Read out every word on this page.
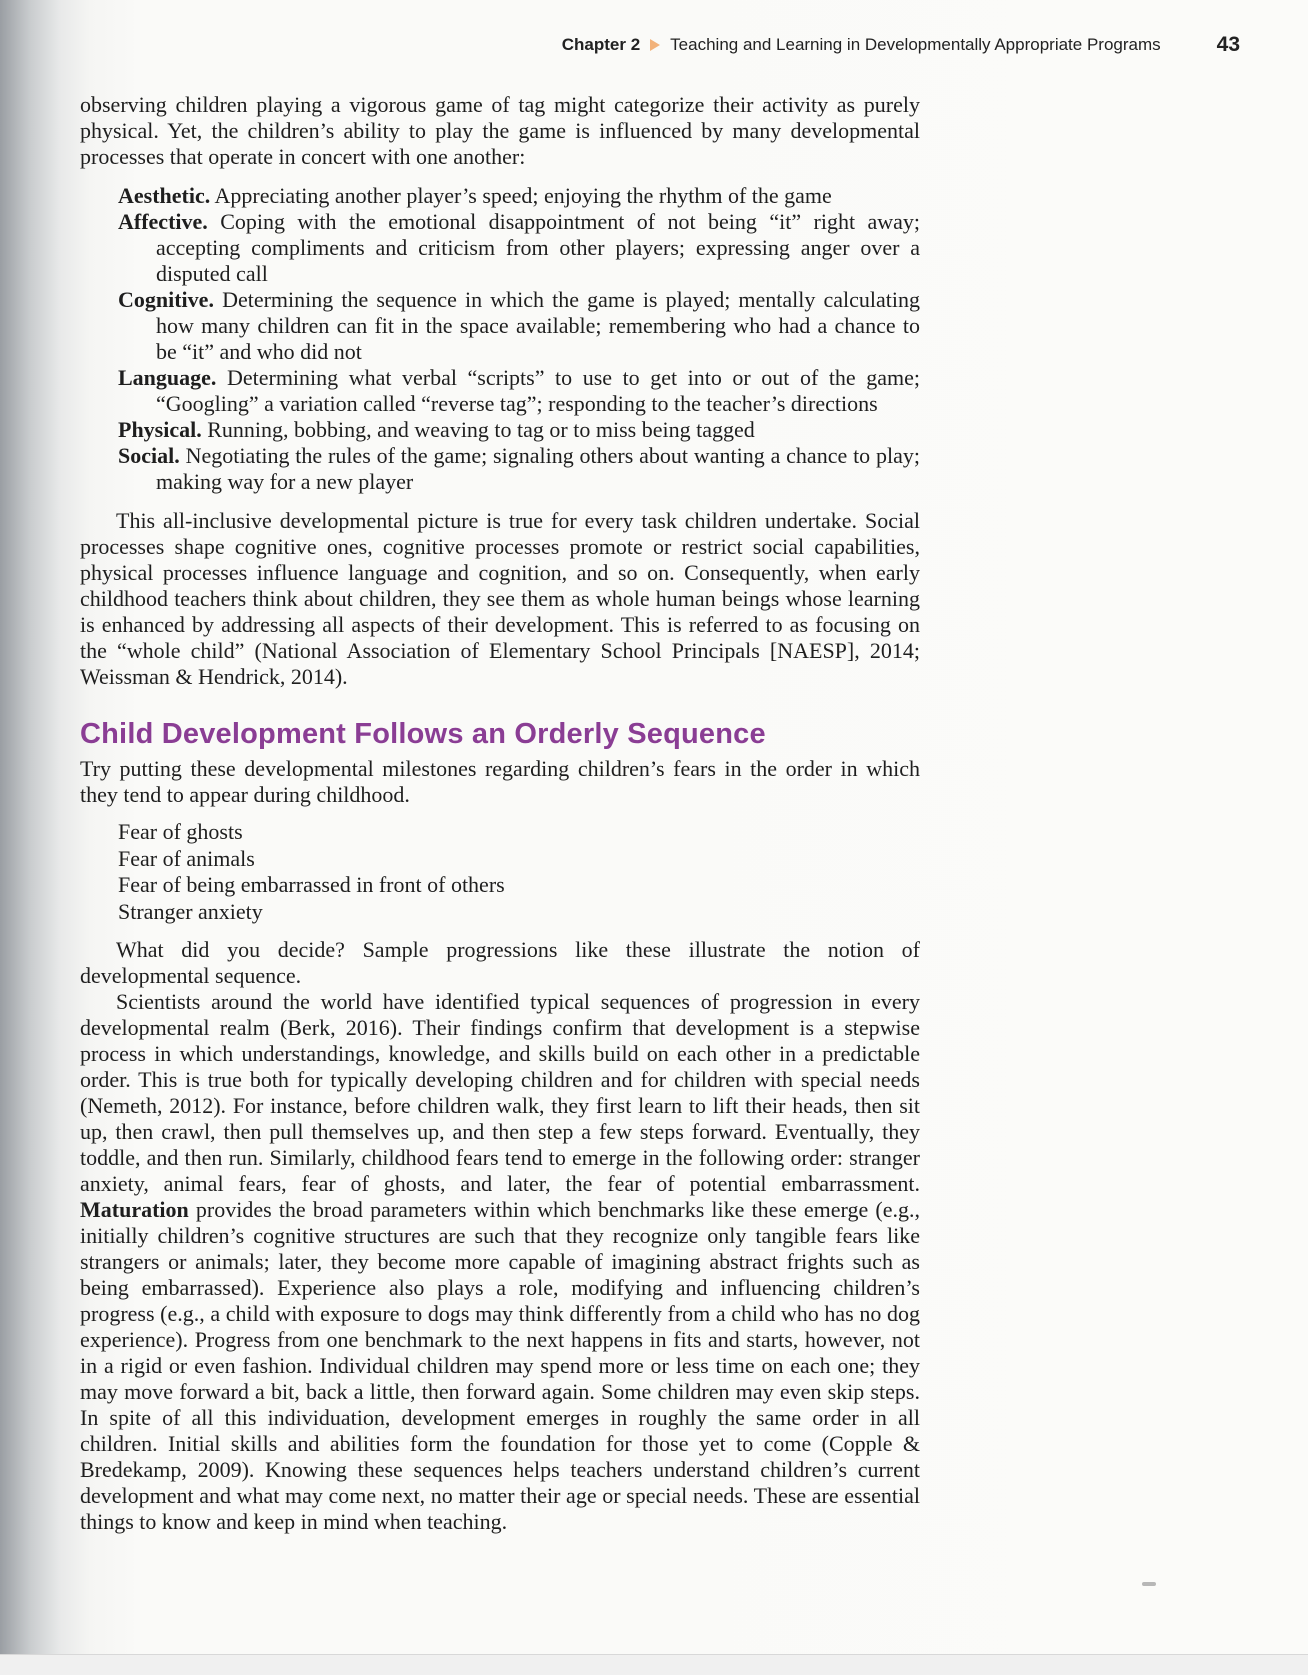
Chapter 2 Teaching and Learning in Developmentally Appropriate Programs	43

observing children playing a vigorous game of tag might categorize their activity as purely physical. Yet, the children’s ability to play the game is influenced by many developmental processes that operate in concert with one another:

Aesthetic. Appreciating another player’s speed; enjoying the rhythm of the game
Affective. Coping with the emotional disappointment of not being “it” right away; accepting compliments and criticism from other players; expressing anger over a disputed call
Cognitive. Determining the sequence in which the game is played; mentally calculating how many children can fit in the space available; remembering who had a chance to be “it” and who did not
Language. Determining what verbal “scripts” to use to get into or out of the game; “Googling” a variation called “reverse tag”; responding to the teacher’s directions
Physical. Running, bobbing, and weaving to tag or to miss being tagged
Social. Negotiating the rules of the game; signaling others about wanting a chance to play; making way for a new player

This all-inclusive developmental picture is true for every task children undertake. Social processes shape cognitive ones, cognitive processes promote or restrict social capabilities, physical processes influence language and cognition, and so on. Consequently, when early childhood teachers think about children, they see them as whole human beings whose learning is enhanced by addressing all aspects of their development. This is referred to as focusing on the “whole child” (National Association of Elementary School Principals [NAESP], 2014; Weissman & Hendrick, 2014).

Child Development Follows an Orderly Sequence

Try putting these developmental milestones regarding children’s fears in the order in which they tend to appear during childhood.

Fear of ghosts
Fear of animals
Fear of being embarrassed in front of others
Stranger anxiety

What did you decide? Sample progressions like these illustrate the notion of developmental sequence.

Scientists around the world have identified typical sequences of progression in every developmental realm (Berk, 2016). Their findings confirm that development is a stepwise process in which understandings, knowledge, and skills build on each other in a predictable order. This is true both for typically developing children and for children with special needs (Nemeth, 2012). For instance, before children walk, they first learn to lift their heads, then sit up, then crawl, then pull themselves up, and then step a few steps forward. Eventually, they toddle, and then run. Similarly, childhood fears tend to emerge in the following order: stranger anxiety, animal fears, fear of ghosts, and later, the fear of potential embarrassment. Maturation provides the broad parameters within which benchmarks like these emerge (e.g., initially children’s cognitive structures are such that they recognize only tangible fears like strangers or animals; later, they become more capable of imagining abstract frights such as being embarrassed). Experience also plays a role, modifying and influencing children’s progress (e.g., a child with exposure to dogs may think differently from a child who has no dog experience). Progress from one benchmark to the next happens in fits and starts, however, not in a rigid or even fashion. Individual children may spend more or less time on each one; they may move forward a bit, back a little, then forward again. Some children may even skip steps. In spite of all this individuation, development emerges in roughly the same order in all children. Initial skills and abilities form the foundation for those yet to come (Copple & Bredekamp, 2009). Knowing these sequences helps teachers understand children’s current development and what may come next, no matter their age or special needs. These are essential things to know and keep in mind when teaching.
